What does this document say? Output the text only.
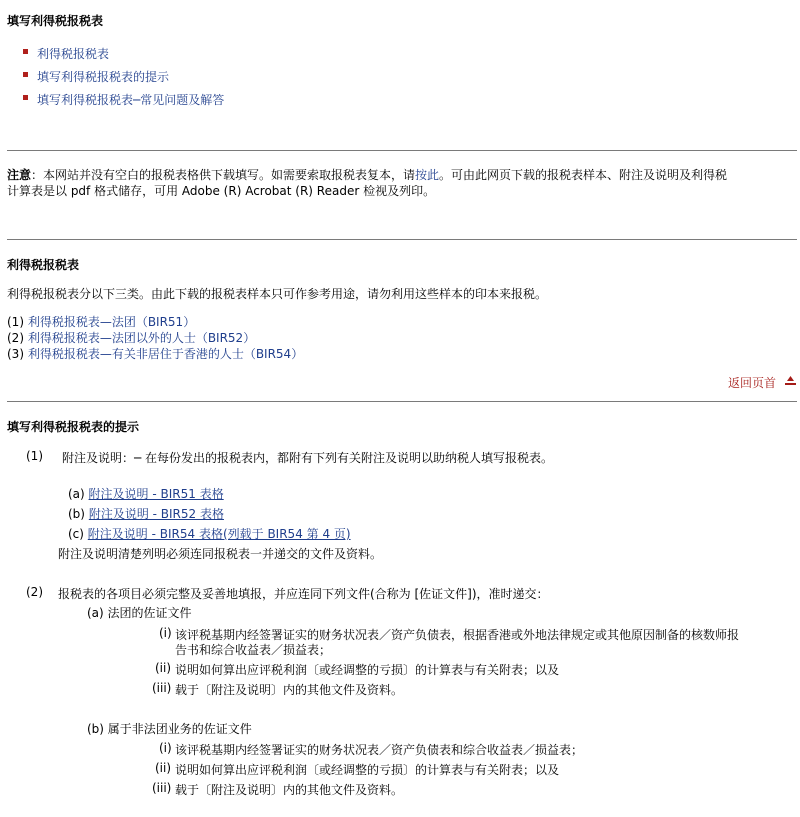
填写利得税报税表
利得税报税表
填写利得税报税表的提示
填写利得税报税表─常见问题及解答
注意：本网站并没有空白的报税表格供下载填写。如需要索取报税表复本，请按此。可由此网页下载的报税表样本、附注及说明及利得税
计算表是以 pdf 格式储存，可用 Adobe (R) Acrobat (R) Reader 检视及列印。
利得税报税表
利得税报税表分以下三类。由此下载的报税表样本只可作参考用途，请勿利用这些样本的印本来报税。
(1) 利得税报税表—法团（BIR51）
(2) 利得税报税表—法团以外的人士（BIR52）
(3) 利得税报税表—有关非居住于香港的人士（BIR54）
返回页首
填写利得税报税表的提示
(1) 附注及说明：─ 在每份发出的报税表内，都附有下列有关附注及说明以助纳税人填写报税表。
(a) 附注及说明 - BIR51 表格
(b) 附注及说明 - BIR52 表格
(c) 附注及说明 - BIR54 表格(列载于 BIR54 第 4 页)
附注及说明清楚列明必须连同报税表一并递交的文件及资料。
(2) 报税表的各项目必须完整及妥善地填报，并应连同下列文件(合称为 [佐证文件])，准时递交：
(a) 法团的佐证文件
(i) 该评税基期内经签署证实的财务状况表／资产负债表，根据香港或外地法律规定或其他原因制备的核数师报
告书和综合收益表／损益表；
(ii) 说明如何算出应评税利润〔或经调整的亏损〕的计算表与有关附表；以及
(iii) 载于〔附注及说明〕内的其他文件及资料。
(b) 属于非法团业务的佐证文件
(i) 该评税基期内经签署证实的财务状况表／资产负债表和综合收益表／损益表；
(ii) 说明如何算出应评税利润〔或经调整的亏损〕的计算表与有关附表；以及
(iii) 载于〔附注及说明〕内的其他文件及资料。
